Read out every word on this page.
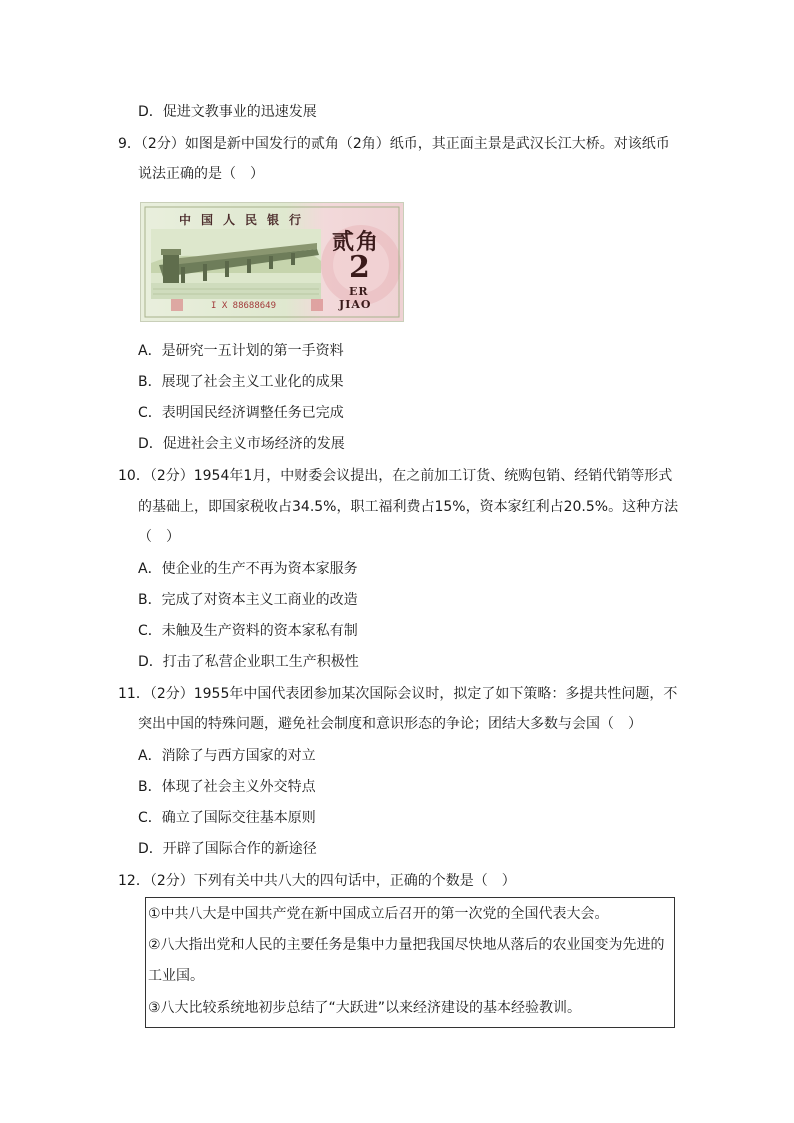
D．促进文教事业的迅速发展
9．（2分）如图是新中国发行的贰角（2角）纸币，其正面主景是武汉长江大桥。对该纸币
说法正确的是（　）
中国人民银行
贰角
2
ER
JIAO
I X 88688649
A．是研究一五计划的第一手资料
B．展现了社会主义工业化的成果
C．表明国民经济调整任务已完成
D．促进社会主义市场经济的发展
10．（2分）1954年1月，中财委会议提出，在之前加工订货、统购包销、经销代销等形式
的基础上，即国家税收占34.5%，职工福利费占15%，资本家红利占20.5%。这种方法
（　）
A．使企业的生产不再为资本家服务
B．完成了对资本主义工商业的改造
C．未触及生产资料的资本家私有制
D．打击了私营企业职工生产积极性
11．（2分）1955年中国代表团参加某次国际会议时，拟定了如下策略：多提共性问题，不
突出中国的特殊问题，避免社会制度和意识形态的争论；团结大多数与会国（　）
A．消除了与西方国家的对立
B．体现了社会主义外交特点
C．确立了国际交往基本原则
D．开辟了国际合作的新途径
12．（2分）下列有关中共八大的四句话中，正确的个数是（　）
①中共八大是中国共产党在新中国成立后召开的第一次党的全国代表大会。
②八大指出党和人民的主要任务是集中力量把我国尽快地从落后的农业国变为先进的
工业国。
③八大比较系统地初步总结了“大跃进”以来经济建设的基本经验教训。
